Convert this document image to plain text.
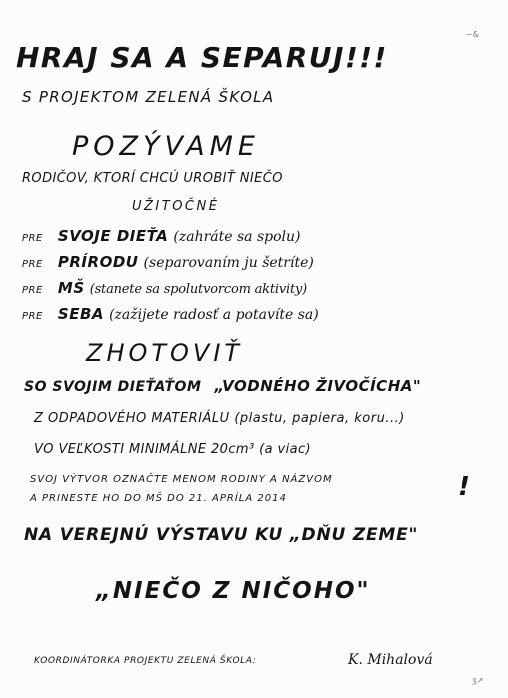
~&
HRAJ SA A SEPARUJ!!!
S PROJEKTOM ZELENÁ ŠKOLA
POZÝVAME
RODIČOV, KTORÍ CHCÚ UROBIŤ NIEČO
UŽITOČNÉ
PRE SVOJE DIEŤA (zahráte sa spolu)
PRE PRÍRODU (separovaním ju šetríte)
PRE MŠ (stanete sa spolutvorcom aktivity)
PRE SEBA (zažijete radosť a potavíte sa)
ZHOTOVIŤ
SO SVOJIM DIEŤAŤOM „VODNÉHO ŽIVOČÍCHA"
Z ODPADOVÉHO MATERIÁLU (plastu, papiera, koru...)
VO VEĽKOSTI MINIMÁLNE 20cm³ (a viac)
SVOJ VÝTVOR OZNAČTE MENOM RODINY A NÁZVOM
A PRINESTE HO DO MŠ DO 21. APRÍLA 2014	!
NA VEREJNÚ VÝSTAVU KU „DŇU ZEME"
„NIEČO Z NIČOHO"
KOORDINÁTORKA PROJEKTU ZELENÁ ŠKOLA:	K. Mihalová
ʒ↗
